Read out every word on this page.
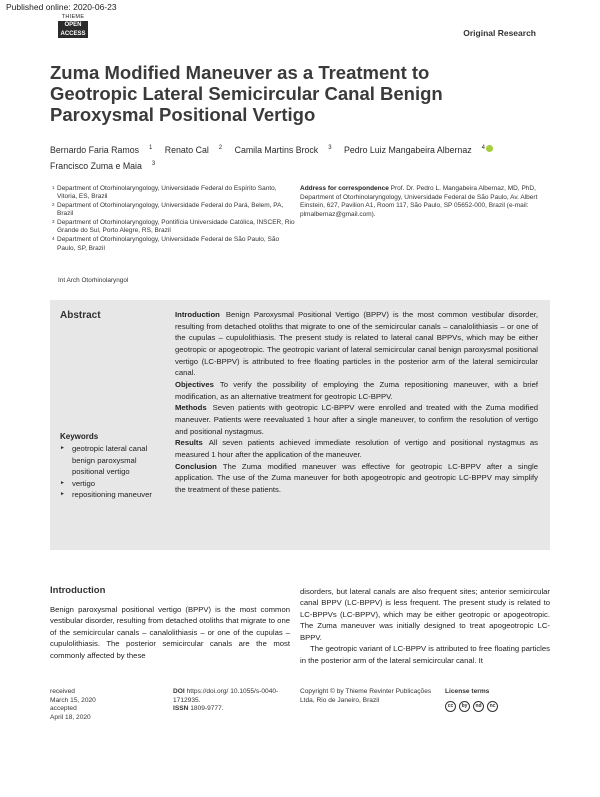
Published online: 2020-06-23
THIEME
OPEN
ACCESS	Original Research
Zuma Modified Maneuver as a Treatment to Geotropic Lateral Semicircular Canal Benign Paroxysmal Positional Vertigo
Bernardo Faria Ramos $^1$ Renato Cal $^2$ Camila Martins Brock $^3$ Pedro Luiz Mangabeira Albernaz $^4$
Francisco Zuma e Maia $^3$
1 Department of Otorhinolaryngology, Universidade Federal do Espírito Santo, Vitoria, ES, Brazil
2 Department of Otorhinolaryngology, Universidade Federal do Pará, Belem, PA, Brazil
3 Department of Otorhinolaryngology, Pontifícia Universidade Católica, INSCER, Rio Grande do Sul, Porto Alegre, RS, Brazil
4 Department of Otorhinolaryngology, Universidade Federal de São Paulo, São Paulo, SP, Brazil
Int Arch Otorhinolaryngol
Address for correspondence Prof. Dr. Pedro L. Mangabeira Albernaz, MD, PhD, Department of Otorhinolaryngology, Universidade Federal de São Paulo, Av. Albert Einstein, 627, Pavilion A1, Room 117, São Paulo, SP 05652-000, Brazil (e-mail: plmalbernaz@gmail.com).
Abstract	Introduction Benign Paroxysmal Positional Vertigo (BPPV) is the most common vestibular disorder, resulting from detached otoliths that migrate to one of the semicircular canals – canalolithiasis – or one of the cupulas – cupulolithiasis. The present study is related to lateral canal BPPVs, which may be either geotropic or apogeotropic. The geotropic variant of lateral semicircular canal benign paroxysmal positional vertigo (LC-BPPV) is attributed to free floating particles in the posterior arm of the lateral semicircular canal.

Objectives To verify the possibility of employing the Zuma repositioning maneuver, with a brief modification, as an alternative treatment for geotropic LC-BPPV.

Methods Seven patients with geotropic LC-BPPV were enrolled and treated with the Zuma modified maneuver. Patients were reevaluated 1 hour after a single maneuver, to confirm the resolution of vertigo and positional nystagmus.

Results All seven patients achieved immediate resolution of vertigo and positional nystagmus as measured 1 hour after the application of the maneuver.

Conclusion The Zuma modified maneuver was effective for geotropic LC-BPPV after a single application. The use of the Zuma maneuver for both apogeotropic and geotropic LC-BPPV may simplify the treatment of these patients.

Keywords
► geotropic lateral canal benign paroxysmal positional vertigo
► vertigo
► repositioning maneuver
Introduction

Benign paroxysmal positional vertigo (BPPV) is the most common vestibular disorder, resulting from detached otoliths that migrate to one of the semicircular canals – canalolithiasis – or one of the cupulas – cupulolithiasis. The posterior semicircular canals are the most commonly affected by these

disorders, but lateral canals are also frequent sites; anterior semicircular canal BPPV (LC-BPPV) is less frequent. The present study is related to LC-BPPVs (LC-BPPV), which may be either geotropic or apogeotropic. The Zuma maneuver was initially designed to treat apogeotropic LC-BPPV.

The geotropic variant of LC-BPPV is attributed to free floating particles in the posterior arm of the lateral semicircular canal. It

received
March 15, 2020
accepted
April 18, 2020
DOI https://doi.org/ 10.1055/s-0040-1712935.
ISSN 1809-9777.
Copyright © by Thieme Revinter Publicações Ltda, Rio de Janeiro, Brazil
License terms
cc	by	nd	nc
